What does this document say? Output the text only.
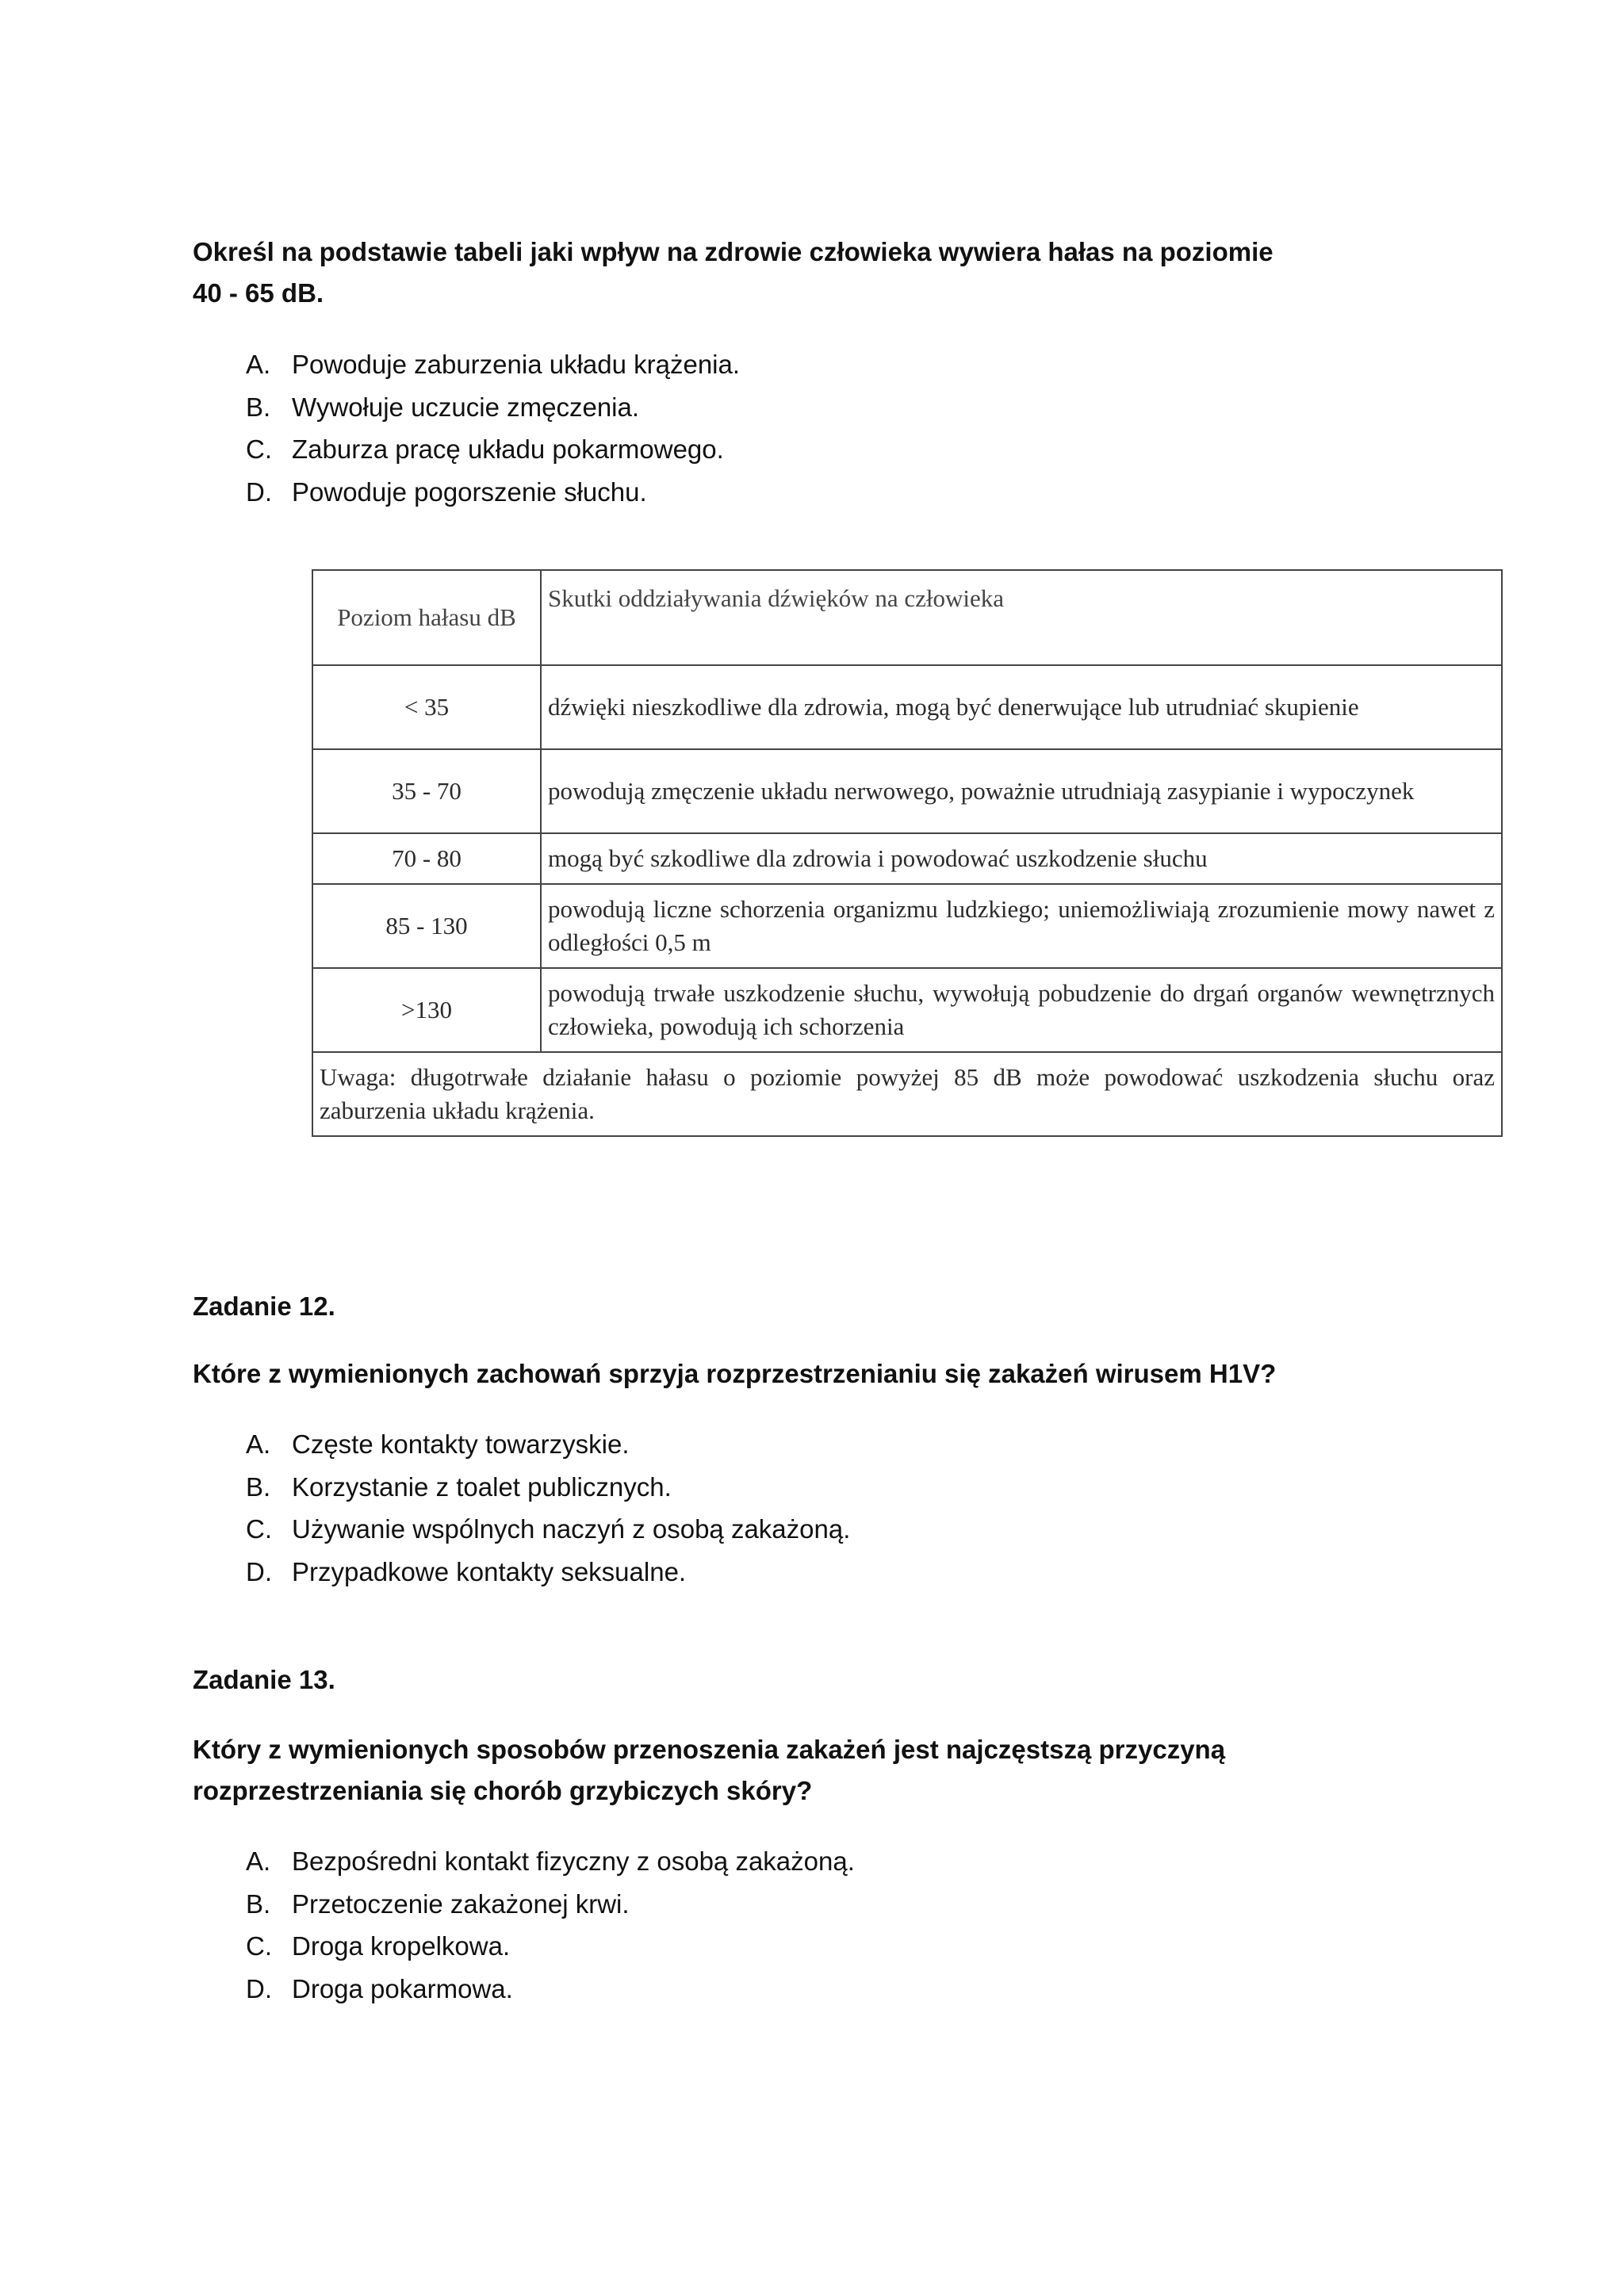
Określ na podstawie tabeli jaki wpływ na zdrowie człowieka wywiera hałas na poziomie
40 - 65 dB.
A. Powoduje zaburzenia układu krążenia.
B. Wywołuje uczucie zmęczenia.
C. Zaburza pracę układu pokarmowego.
D. Powoduje pogorszenie słuchu.
Poziom hałasu dB	Skutki oddziaływania dźwięków na człowieka
< 35	dźwięki nieszkodliwe dla zdrowia, mogą być denerwujące lub utrudniać skupienie
35 - 70	powodują zmęczenie układu nerwowego, poważnie utrudniają zasypianie i wypoczynek
70 - 80	mogą być szkodliwe dla zdrowia i powodować uszkodzenie słuchu
85 - 130	powodują liczne schorzenia organizmu ludzkiego; uniemożliwiają zrozumienie mowy nawet z odległości 0,5 m
>130	powodują trwałe uszkodzenie słuchu, wywołują pobudzenie do drgań organów wewnętrznych człowieka, powodują ich schorzenia
Uwaga: długotrwałe działanie hałasu o poziomie powyżej 85 dB może powodować uszkodzenia słuchu oraz zaburzenia układu krążenia.	
Zadanie 12.
Które z wymienionych zachowań sprzyja rozprzestrzenianiu się zakażeń wirusem H1V?
A. Częste kontakty towarzyskie.
B. Korzystanie z toalet publicznych.
C. Używanie wspólnych naczyń z osobą zakażoną.
D. Przypadkowe kontakty seksualne.
Zadanie 13.
Który z wymienionych sposobów przenoszenia zakażeń jest najczęstszą przyczyną
rozprzestrzeniania się chorób grzybiczych skóry?
A. Bezpośredni kontakt fizyczny z osobą zakażoną.
B. Przetoczenie zakażonej krwi.
C. Droga kropelkowa.
D. Droga pokarmowa.
